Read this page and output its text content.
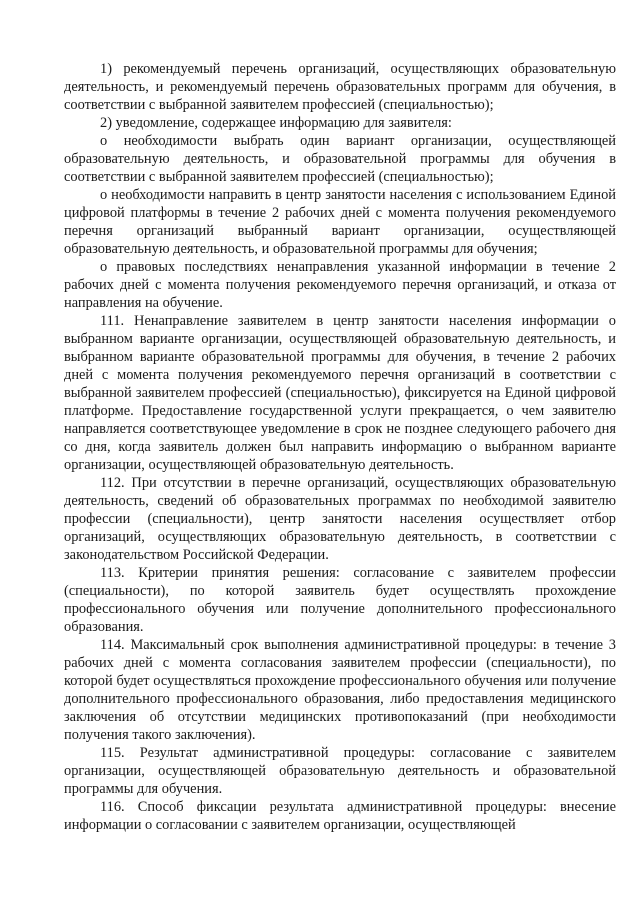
1) рекомендуемый перечень организаций, осуществляющих образовательную деятельность, и рекомендуемый перечень образовательных программ для обучения, в соответствии с выбранной заявителем профессией (специальностью);

2) уведомление, содержащее информацию для заявителя:

о необходимости выбрать один вариант организации, осуществляющей образовательную деятельность, и образовательной программы для обучения в соответствии с выбранной заявителем профессией (специальностью);

о необходимости направить в центр занятости населения с использованием Единой цифровой платформы в течение 2 рабочих дней с момента получения рекомендуемого перечня организаций выбранный вариант организации, осуществляющей образовательную деятельность, и образовательной программы для обучения;

о правовых последствиях ненаправления указанной информации в течение 2 рабочих дней с момента получения рекомендуемого перечня организаций, и отказа от направления на обучение.

111. Ненаправление заявителем в центр занятости населения информации о выбранном варианте организации, осуществляющей образовательную деятельность, и выбранном варианте образовательной программы для обучения, в течение 2 рабочих дней с момента получения рекомендуемого перечня организаций в соответствии с выбранной заявителем профессией (специальностью), фиксируется на Единой цифровой платформе. Предоставление государственной услуги прекращается, о чем заявителю направляется соответствующее уведомление в срок не позднее следующего рабочего дня со дня, когда заявитель должен был направить информацию о выбранном варианте организации, осуществляющей образовательную деятельность.

112. При отсутствии в перечне организаций, осуществляющих образовательную деятельность, сведений об образовательных программах по необходимой заявителю профессии (специальности), центр занятости населения осуществляет отбор организаций, осуществляющих образовательную деятельность, в соответствии с законодательством Российской Федерации.

113. Критерии принятия решения: согласование с заявителем профессии (специальности), по которой заявитель будет осуществлять прохождение профессионального обучения или получение дополнительного профессионального образования.

114. Максимальный срок выполнения административной процедуры: в течение 3 рабочих дней с момента согласования заявителем профессии (специальности), по которой будет осуществляться прохождение профессионального обучения или получение дополнительного профессионального образования, либо предоставления медицинского заключения об отсутствии медицинских противопоказаний (при необходимости получения такого заключения).

115. Результат административной процедуры: согласование с заявителем организации, осуществляющей образовательную деятельность и образовательной программы для обучения.

116. Способ фиксации результата административной процедуры: внесение информации о согласовании с заявителем организации, осуществляющей
